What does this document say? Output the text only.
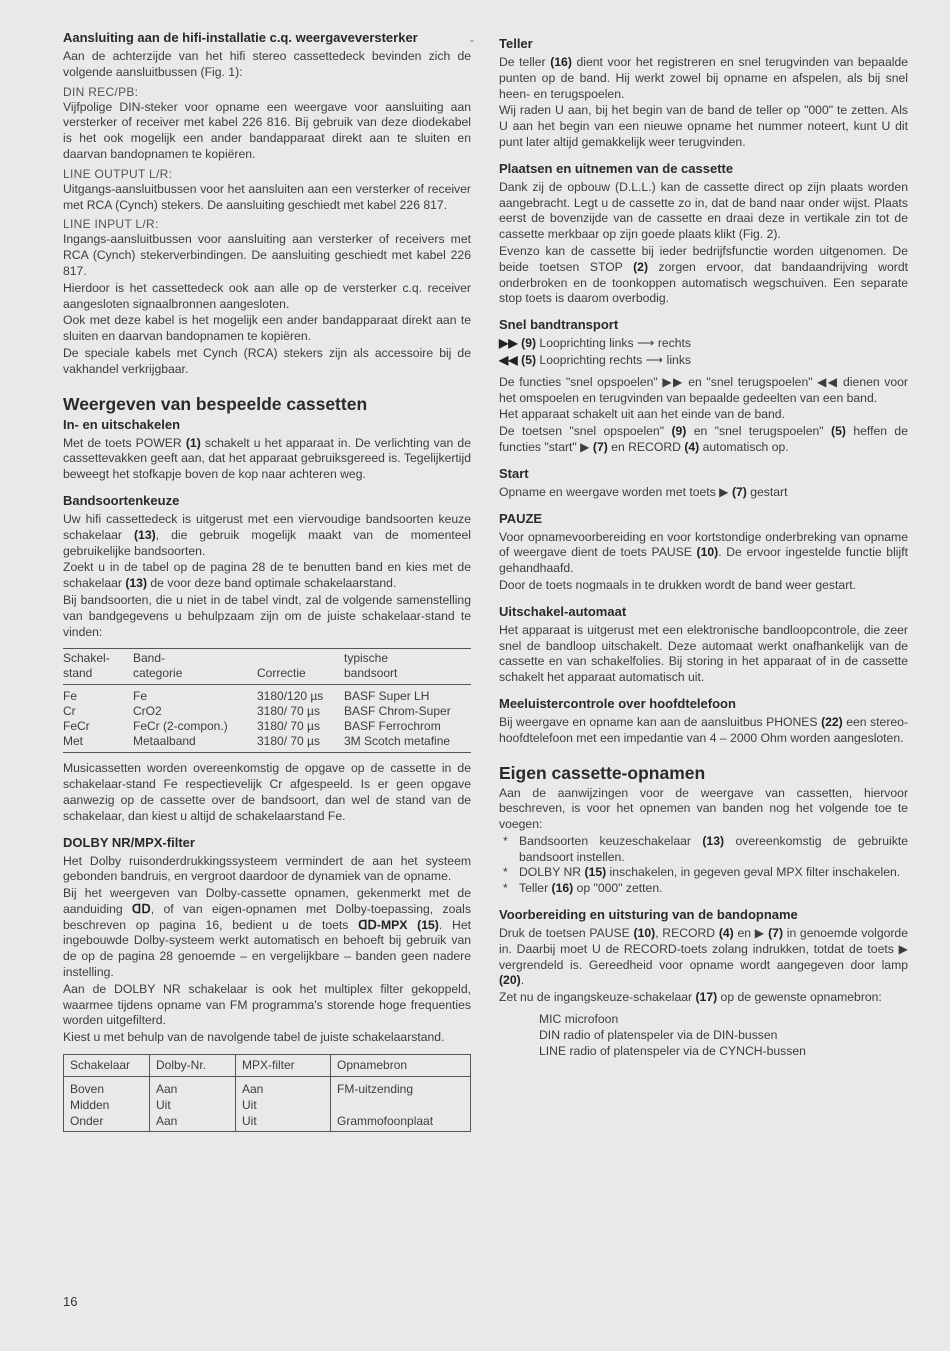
-
Aansluiting aan de hifi-installatie c.q. weergaveversterker

Aan de achterzijde van het hifi stereo cassettedeck bevinden zich de volgende aansluitbussen (Fig. 1):

DIN REC/PB:

Vijfpolige DIN-steker voor opname een weergave voor aansluiting aan versterker of receiver met kabel 226 816. Bij gebruik van deze diodekabel is het ook mogelijk een ander bandapparaat direkt aan te sluiten en daarvan bandopnamen te kopiëren.

LINE OUTPUT L/R:

Uitgangs-aansluitbussen voor het aansluiten aan een versterker of receiver met RCA (Cynch) stekers. De aansluiting geschiedt met kabel 226 817.

LINE INPUT L/R:

Ingangs-aansluitbussen voor aansluiting aan versterker of receivers met RCA (Cynch) stekerverbindingen. De aansluiting geschiedt met kabel 226 817.

Hierdoor is het cassettedeck ook aan alle op de versterker c.q. receiver aangesloten signaalbronnen aangesloten.

Ook met deze kabel is het mogelijk een ander bandapparaat direkt aan te sluiten en daarvan bandopnamen te kopiëren.

De speciale kabels met Cynch (RCA) stekers zijn als accessoire bij de vakhandel verkrijgbaar.

Weergeven van bespeelde cassetten
In- en uitschakelen

Met de toets POWER (1) schakelt u het apparaat in. De verlichting van de cassettevakken geeft aan, dat het apparaat gebruiksgereed is. Tegelijkertijd beweegt het stofkapje boven de kop naar achteren weg.

Bandsoortenkeuze

Uw hifi cassettedeck is uitgerust met een viervoudige bandsoorten keuze schakelaar (13), die gebruik mogelijk maakt van de momenteel gebruikelijke bandsoorten.

Zoekt u in de tabel op de pagina 28 de te benutten band en kies met de schakelaar (13) de voor deze band optimale schakelaarstand.

Bij bandsoorten, die u niet in de tabel vindt, zal de volgende samenstelling van bandgegevens u behulpzaam zijn om de juiste schakelaar-stand te vinden:

Schakel-
stand	Band-
categorie	Correctie	typische
bandsoort
Fe	Fe	3180/120 µs	BASF Super LH
Cr	CrO2	3180/ 70 µs	BASF Chrom-Super
FeCr	FeCr (2-compon.)	3180/ 70 µs	BASF Ferrochrom
Met	Metaalband	3180/ 70 µs	3M Scotch metafine

Musicassetten worden overeenkomstig de opgave op de cassette in de schakelaar-stand Fe respectievelijk Cr afgespeeld. Is er geen opgave aanwezig op de cassette over de bandsoort, dan wel de stand van de schakelaar, dan kiest u altijd de schakelaarstand Fe.

DOLBY NR/MPX-filter

Het Dolby ruisonderdrukkingssysteem vermindert de aan het systeem gebonden bandruis, en vergroot daardoor de dynamiek van de opname.

Bij het weergeven van Dolby-cassette opnamen, gekenmerkt met de aanduiding ᗡᗞ, of van eigen-opnamen met Dolby-toepassing, zoals beschreven op pagina 16, bedient u de toets ᗡᗞ-MPX (15). Het ingebouwde Dolby-systeem werkt automatisch en behoeft bij gebruik van de op de pagina 28 genoemde – en vergelijkbare – banden geen nadere instelling.

Aan de DOLBY NR schakelaar is ook het multiplex filter gekoppeld, waarmee tijdens opname van FM programma's storende hoge frequenties worden uitgefilterd.

Kiest u met behulp van de navolgende tabel de juiste schakelaarstand.

Schakelaar	Dolby-Nr.	MPX-filter	Opnamebron
Boven	Aan	Aan	FM-uitzending
Midden	Uit	Uit	
Onder	Aan	Uit	Grammofoonplaat
Teller

De teller (16) dient voor het registreren en snel terugvinden van bepaalde punten op de band. Hij werkt zowel bij opname en afspelen, als bij snel heen- en terugspoelen.

Wij raden U aan, bij het begin van de band de teller op "000" te zetten. Als U aan het begin van een nieuwe opname het nummer noteert, kunt U dit punt later altijd gemakkelijk weer terugvinden.

Plaatsen en uitnemen van de cassette

Dank zij de opbouw (D.L.L.) kan de cassette direct op zijn plaats worden aangebracht. Legt u de cassette zo in, dat de band naar onder wijst. Plaats eerst de bovenzijde van de cassette en draai deze in vertikale zin tot de cassette merkbaar op zijn goede plaats klikt (Fig. 2).

Evenzo kan de cassette bij ieder bedrijfsfunctie worden uitgenomen. De beide toetsen STOP (2) zorgen ervoor, dat bandaandrijving wordt onderbroken en de toonkoppen automatisch wegschuiven. Een separate stop toets is daarom overbodig.

Snel bandtransport

▶▶ (9) Looprichting links ⟶ rechts

◀◀ (5) Looprichting rechts ⟶ links

De functies "snel opspoelen" ▶▶ en "snel terugspoelen" ◀◀ dienen voor het omspoelen en terugvinden van bepaalde gedeelten van een band.

Het apparaat schakelt uit aan het einde van de band.

De toetsen "snel opspoelen" (9) en "snel terugspoelen" (5) heffen de functies "start" ▶ (7) en RECORD (4) automatisch op.

Start

Opname en weergave worden met toets ▶ (7) gestart

PAUZE

Voor opnamevoorbereiding en voor kortstondige onderbreking van opname of weergave dient de toets PAUSE (10). De ervoor ingestelde functie blijft gehandhaafd.

Door de toets nogmaals in te drukken wordt de band weer gestart.

Uitschakel-automaat

Het apparaat is uitgerust met een elektronische bandloopcontrole, die zeer snel de bandloop uitschakelt. Deze automaat werkt onafhankelijk van de cassette en van schakelfolies. Bij storing in het apparaat of in de cassette schakelt het apparaat automatisch uit.

Meeluistercontrole over hoofdtelefoon

Bij weergave en opname kan aan de aansluitbus PHONES (22) een stereo-hoofdtelefoon met een impedantie van 4 – 2000 Ohm worden aangesloten.

Eigen cassette-opnamen

Aan de aanwijzingen voor de weergave van cassetten, hiervoor beschreven, is voor het opnemen van banden nog het volgende toe te voegen:

* Bandsoorten keuzeschakelaar (13) overeenkomstig de gebruikte bandsoort instellen.
* DOLBY NR (15) inschakelen, in gegeven geval MPX filter inschakelen.
* Teller (16) op "000" zetten.
Voorbereiding en uitsturing van de bandopname

Druk de toetsen PAUSE (10), RECORD (4) en ▶ (7) in genoemde volgorde in. Daarbij moet U de RECORD-toets zolang indrukken, totdat de toets ▶ vergrendeld is. Gereedheid voor opname wordt aangegeven door lamp (20).

Zet nu de ingangskeuze-schakelaar (17) op de gewenste opnamebron:

MIC microfoon
DIN radio of platenspeler via de DIN-bussen
LINE radio of platenspeler via de CYNCH-bussen
16
